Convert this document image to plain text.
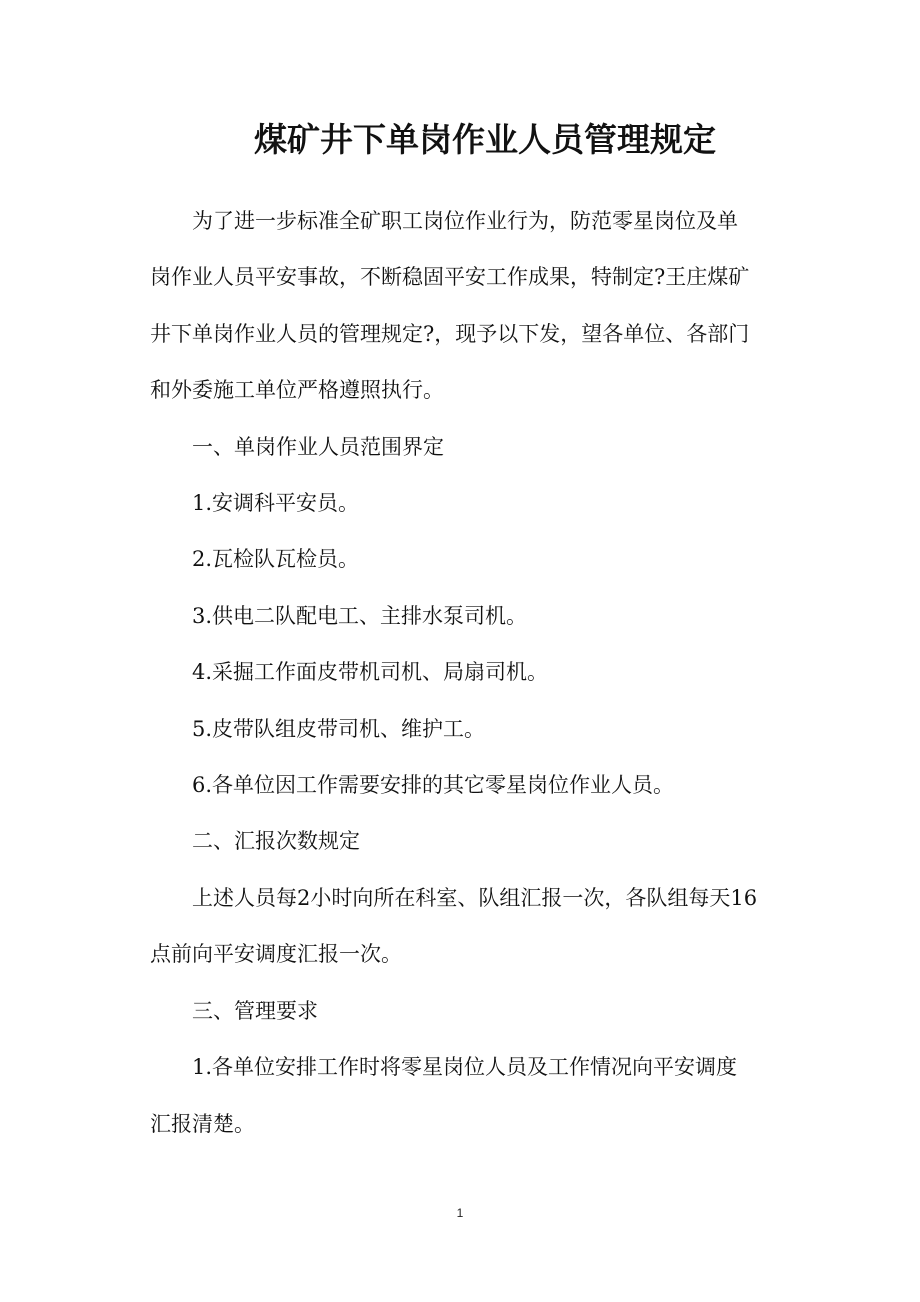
煤矿井下单岗作业人员管理规定

为了进一步标准全矿职工岗位作业行为，防范零星岗位及单
岗作业人员平安事故，不断稳固平安工作成果，特制定?王庄煤矿
井下单岗作业人员的管理规定?，现予以下发，望各单位、各部门
和外委施工单位严格遵照执行。

一、单岗作业人员范围界定

1.安调科平安员。

2.瓦检队瓦检员。

3.供电二队配电工、主排水泵司机。

4.采掘工作面皮带机司机、局扇司机。

5.皮带队组皮带司机、维护工。

6.各单位因工作需要安排的其它零星岗位作业人员。

二、汇报次数规定

上述人员每2小时向所在科室、队组汇报一次，各队组每天16
点前向平安调度汇报一次。

三、管理要求

1.各单位安排工作时将零星岗位人员及工作情况向平安调度
汇报清楚。

1
